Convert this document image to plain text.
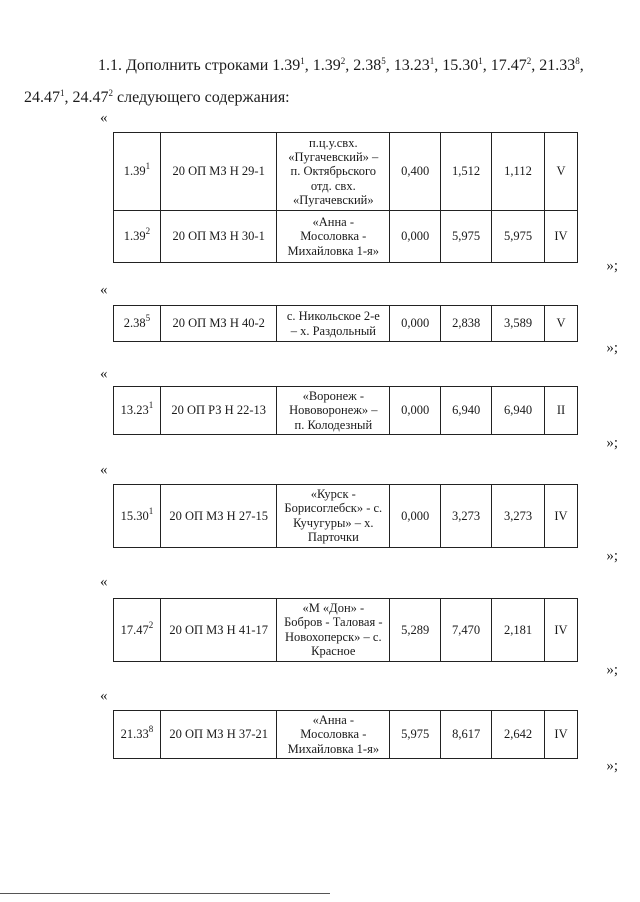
1.1. Дополнить строками 1.39$^1$, 1.39$^2$, 2.38$^5$, 13.23$^1$, 15.30$^1$, 17.47$^2$, 21.33$^8$,
24.47$^1$, 24.47$^2$ следующего содержания:
«
1.39$^1$	20 ОП МЗ Н 29-1	п.ц.у.свх. «Пугачевский» – п. Октябрьского отд. свх. «Пугачевский»	0,400	1,512	1,112	V
1.39$^2$	20 ОП МЗ Н 30-1	«Анна - Мосоловка - Михайловка 1-я»	0,000	5,975	5,975	IV
»;
«
2.38$^5$	20 ОП МЗ Н 40-2	с. Никольское 2-е – х. Раздольный	0,000	2,838	3,589	V
»;
«
13.23$^1$	20 ОП РЗ Н 22-13	«Воронеж - Нововоронеж» – п. Колодезный	0,000	6,940	6,940	II
»;
«
15.30$^1$	20 ОП МЗ Н 27-15	«Курск - Борисоглебск» - с. Кучугуры» – х. Парточки	0,000	3,273	3,273	IV
»;
«
17.47$^2$	20 ОП МЗ Н 41-17	«М «Дон» - Бобров - Таловая - Новохоперск» – с. Красное	5,289	7,470	2,181	IV
»;
«
21.33$^8$	20 ОП МЗ Н 37-21	«Анна - Мосоловка - Михайловка 1-я»	5,975	8,617	2,642	IV
»;
